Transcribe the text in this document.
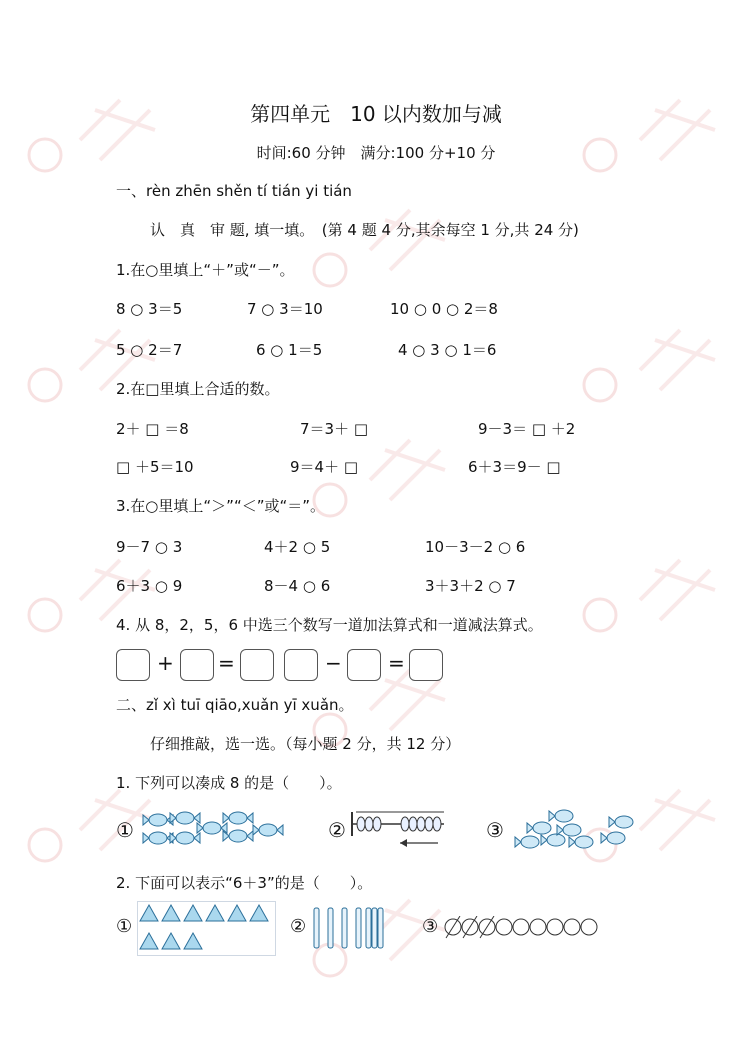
第四单元　10 以内数加与减
时间:60 分钟　满分:100 分+10 分
一、rèn zhēn shěn tí tián yi tián
认　真　审 题, 填一填。　(第 4 题 4 分,其余每空 1 分,共 24 分)
1.在○里填上“＋”或“－”。
8 ○ 3＝5	7 ○ 3＝10	10 ○ 0 ○ 2＝8
5 ○ 2＝7	6 ○ 1＝5	4 ○ 3 ○ 1＝6
2.在□里填上合适的数。
2＋ □ ＝8	7＝3＋ □	9－3＝ □ ＋2
□ ＋5＝10	9＝4＋ □	6＋3＝9－ □
3.在○里填上“＞”“＜”或“＝”。
9－7 ○ 3	4＋2 ○ 5	10－3－2 ○ 6
6＋3 ○ 9	8－4 ○ 6	3＋3＋2 ○ 7
4. 从 8，2，5，6 中选三个数写一道加法算式和一道减法算式。
+ =	− =
二、zǐ xì tuī qiāo,xuǎn yī xuǎn。
仔细推敲，选一选。（每小题 2 分，共 12 分）
1. 下列可以凑成 8 的是（　　）。
①	②	③
2. 下面可以表示“6＋3”的是（　　）。
①	②	③
